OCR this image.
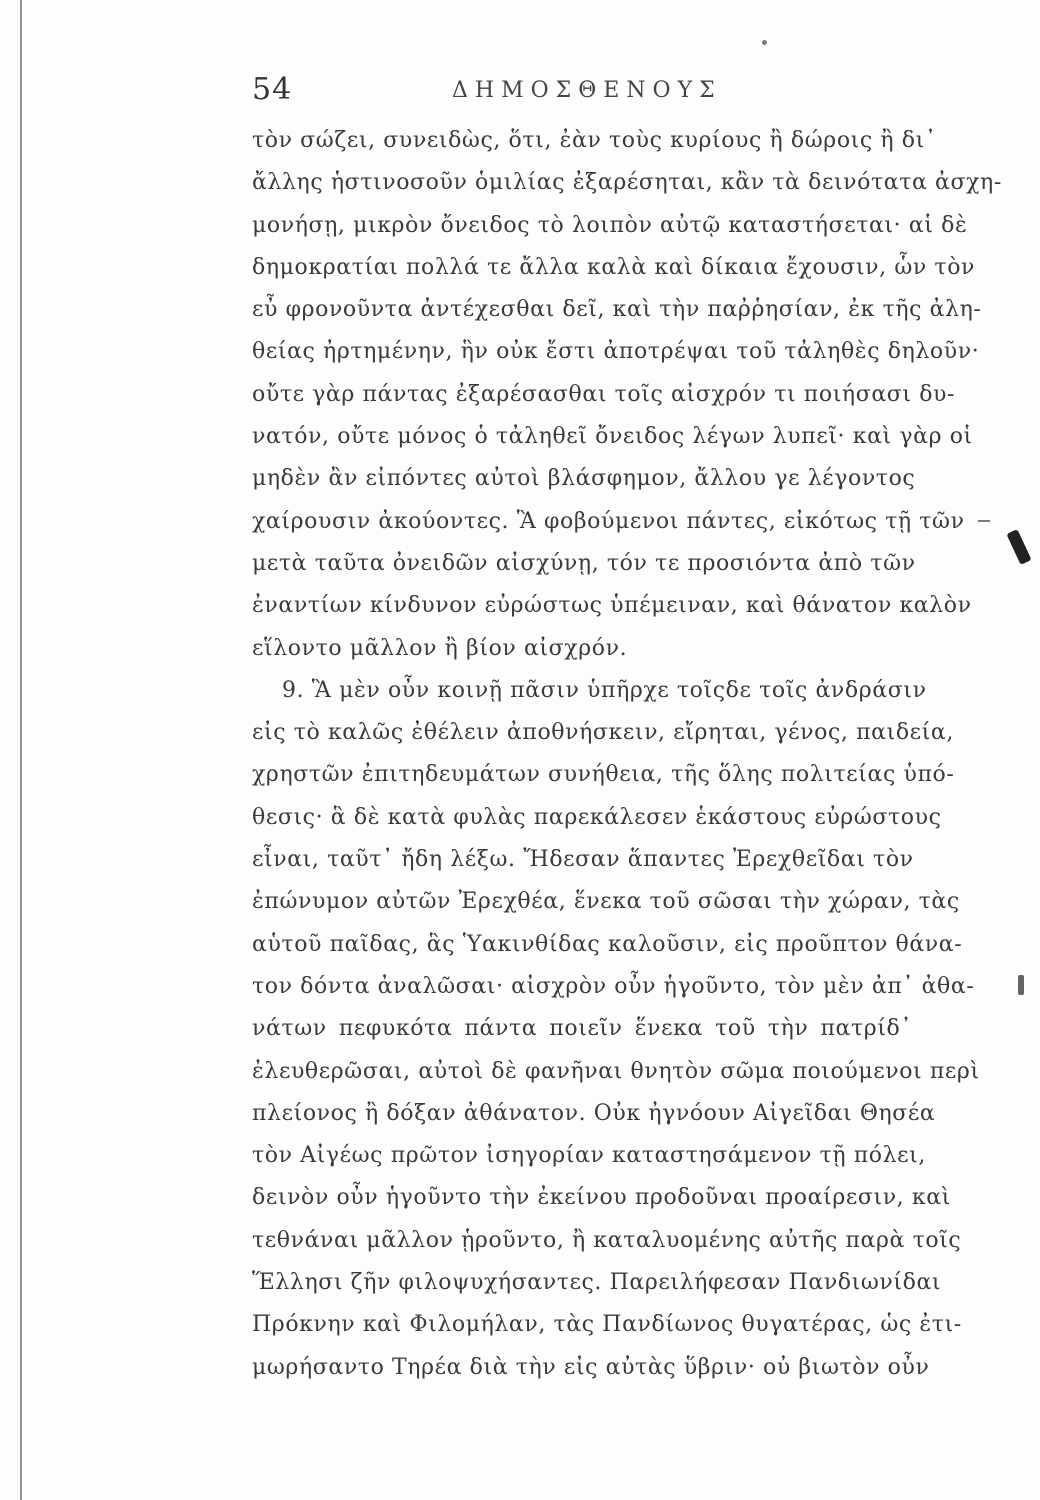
54	ΔΗΜΟΣΘΕΝΟΥΣ
τὸν σώζει, συνειδὼς, ὅτι, ἐὰν τοὺς κυρίους ἢ δώροις ἢ δι᾽
ἄλλης ἡστινοσοῦν ὁμιλίας ἐξαρέσηται, κἂν τὰ δεινότατα ἀσχη-
μονήσῃ, μικρὸν ὄνειδος τὸ λοιπὸν αὐτῷ καταστήσεται· αἱ δὲ
δημοκρατίαι πολλά τε ἄλλα καλὰ καὶ δίκαια ἔχουσιν, ὧν τὸν
εὖ φρονοῦντα ἀντέχεσθαι δεῖ, καὶ τὴν παῤῥησίαν, ἐκ τῆς ἀλη-
θείας ἠρτημένην, ἣν οὐκ ἔστι ἀποτρέψαι τοῦ τἀληθὲς δηλοῦν·
οὔτε γὰρ πάντας ἐξαρέσασθαι τοῖς αἰσχρόν τι ποιήσασι δυ-
νατόν, οὔτε μόνος ὁ τἀληθεῖ ὄνειδος λέγων λυπεῖ· καὶ γὰρ οἱ
μηδὲν ἂν εἰπόντες αὐτοὶ βλάσφημον, ἄλλου γε λέγοντος
χαίρουσιν ἀκούοντες. Ἃ φοβούμενοι πάντες, εἰκότως τῇ τῶν
μετὰ ταῦτα ὀνειδῶν αἰσχύνῃ, τόν τε προσιόντα ἀπὸ τῶν
ἐναντίων κίνδυνον εὐρώστως ὑπέμειναν, καὶ θάνατον καλὸν
εἵλοντο μᾶλλον ἢ βίον αἰσχρόν.
9. Ἃ μὲν οὖν κοινῇ πᾶσιν ὑπῆρχε τοῖςδε τοῖς ἀνδράσιν
εἰς τὸ καλῶς ἐθέλειν ἀποθνήσκειν, εἴρηται, γένος, παιδεία,
χρηστῶν ἐπιτηδευμάτων συνήθεια, τῆς ὅλης πολιτείας ὑπό-
θεσις· ἃ δὲ κατὰ φυλὰς παρεκάλεσεν ἑκάστους εὐρώστους
εἶναι, ταῦτ᾽ ἤδη λέξω. Ἤδεσαν ἅπαντες Ἐρεχθεῖδαι τὸν
ἐπώνυμον αὐτῶν Ἐρεχθέα, ἕνεκα τοῦ σῶσαι τὴν χώραν, τὰς
αὑτοῦ παῖδας, ἃς Ὑακινθίδας καλοῦσιν, εἰς προῦπτον θάνα-
τον δόντα ἀναλῶσαι· αἰσχρὸν οὖν ἡγοῦντο, τὸν μὲν ἀπ᾽ ἀθα-
νάτων πεφυκότα πάντα ποιεῖν ἕνεκα τοῦ τὴν πατρίδ᾽
ἐλευθερῶσαι, αὐτοὶ δὲ φανῆναι θνητὸν σῶμα ποιούμενοι περὶ
πλείονος ἢ δόξαν ἀθάνατον. Οὐκ ἠγνόουν Αἰγεῖδαι Θησέα
τὸν Αἰγέως πρῶτον ἰσηγορίαν καταστησάμενον τῇ πόλει,
δεινὸν οὖν ἡγοῦντο τὴν ἐκείνου προδοῦναι προαίρεσιν, καὶ
τεθνάναι μᾶλλον ᾑροῦντο, ἢ καταλυομένης αὐτῆς παρὰ τοῖς
Ἕλλησι ζῆν φιλοψυχήσαντες. Παρειλήφεσαν Πανδιωνίδαι
Πρόκνην καὶ Φιλομήλαν, τὰς Πανδίωνος θυγατέρας, ὡς ἐτι-
μωρήσαντο Τηρέα διὰ τὴν εἰς αὐτὰς ὕβριν· οὐ βιωτὸν οὖν
